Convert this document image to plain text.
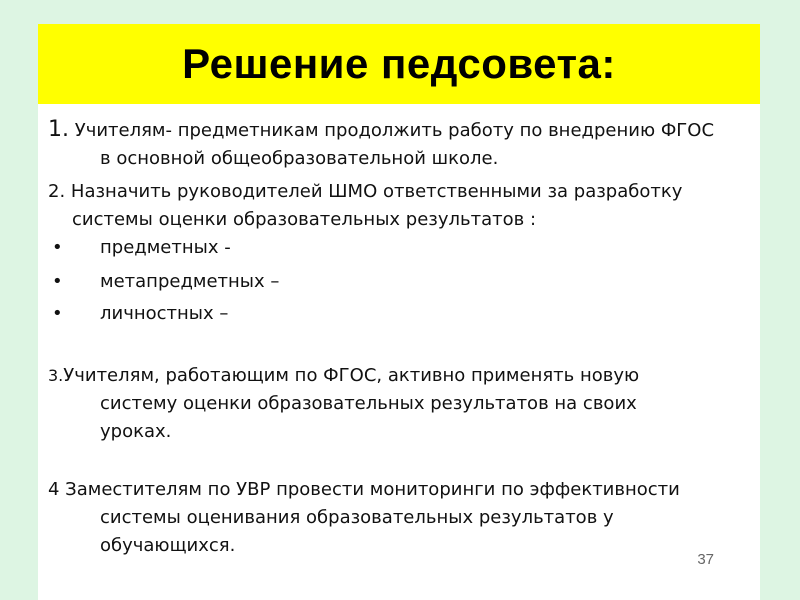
Решение педсовета:
1. Учителям- предметникам продолжить работу по внедрению ФГОС
в основной общеобразовательной школе.
2. Назначить руководителей ШМО ответственными за разработку
системы оценки образовательных результатов :
• предметных -
• метапредметных –
• личностных –
3.Учителям, работающим по ФГОС, активно применять новую
систему оценки образовательных результатов на своих
уроках.
4 Заместителям по УВР провести мониторинги по эффективности
системы оценивания образовательных результатов у
обучающихся.
37
